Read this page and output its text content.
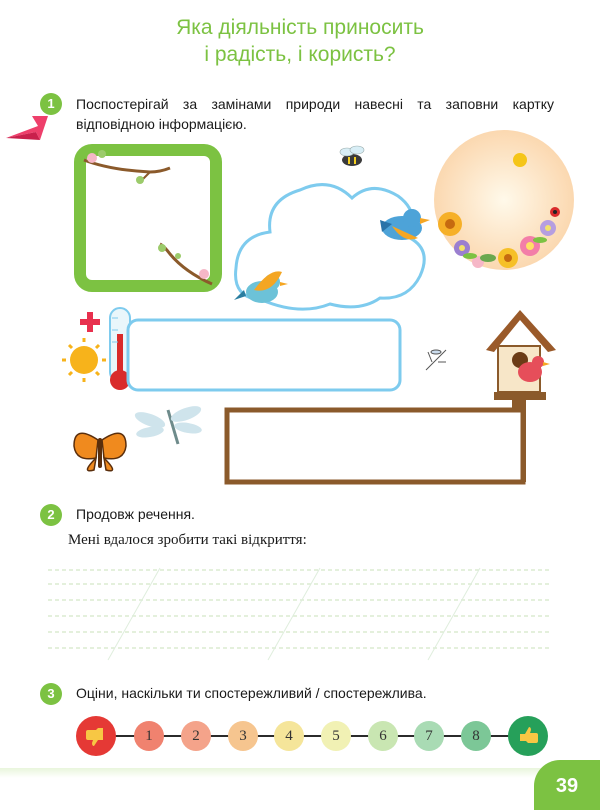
Яка діяльність приносить
і радість, і користь?
1	Поспостерігай за замінами природи навесні та заповни картку відповідною інформацією.
2	Продовж речення.
Мені вдалося зробити такі відкриття:
3	Оціни, наскільки ти спостережливий / спостережлива.
1	2	3	4	5	6	7	8
39
